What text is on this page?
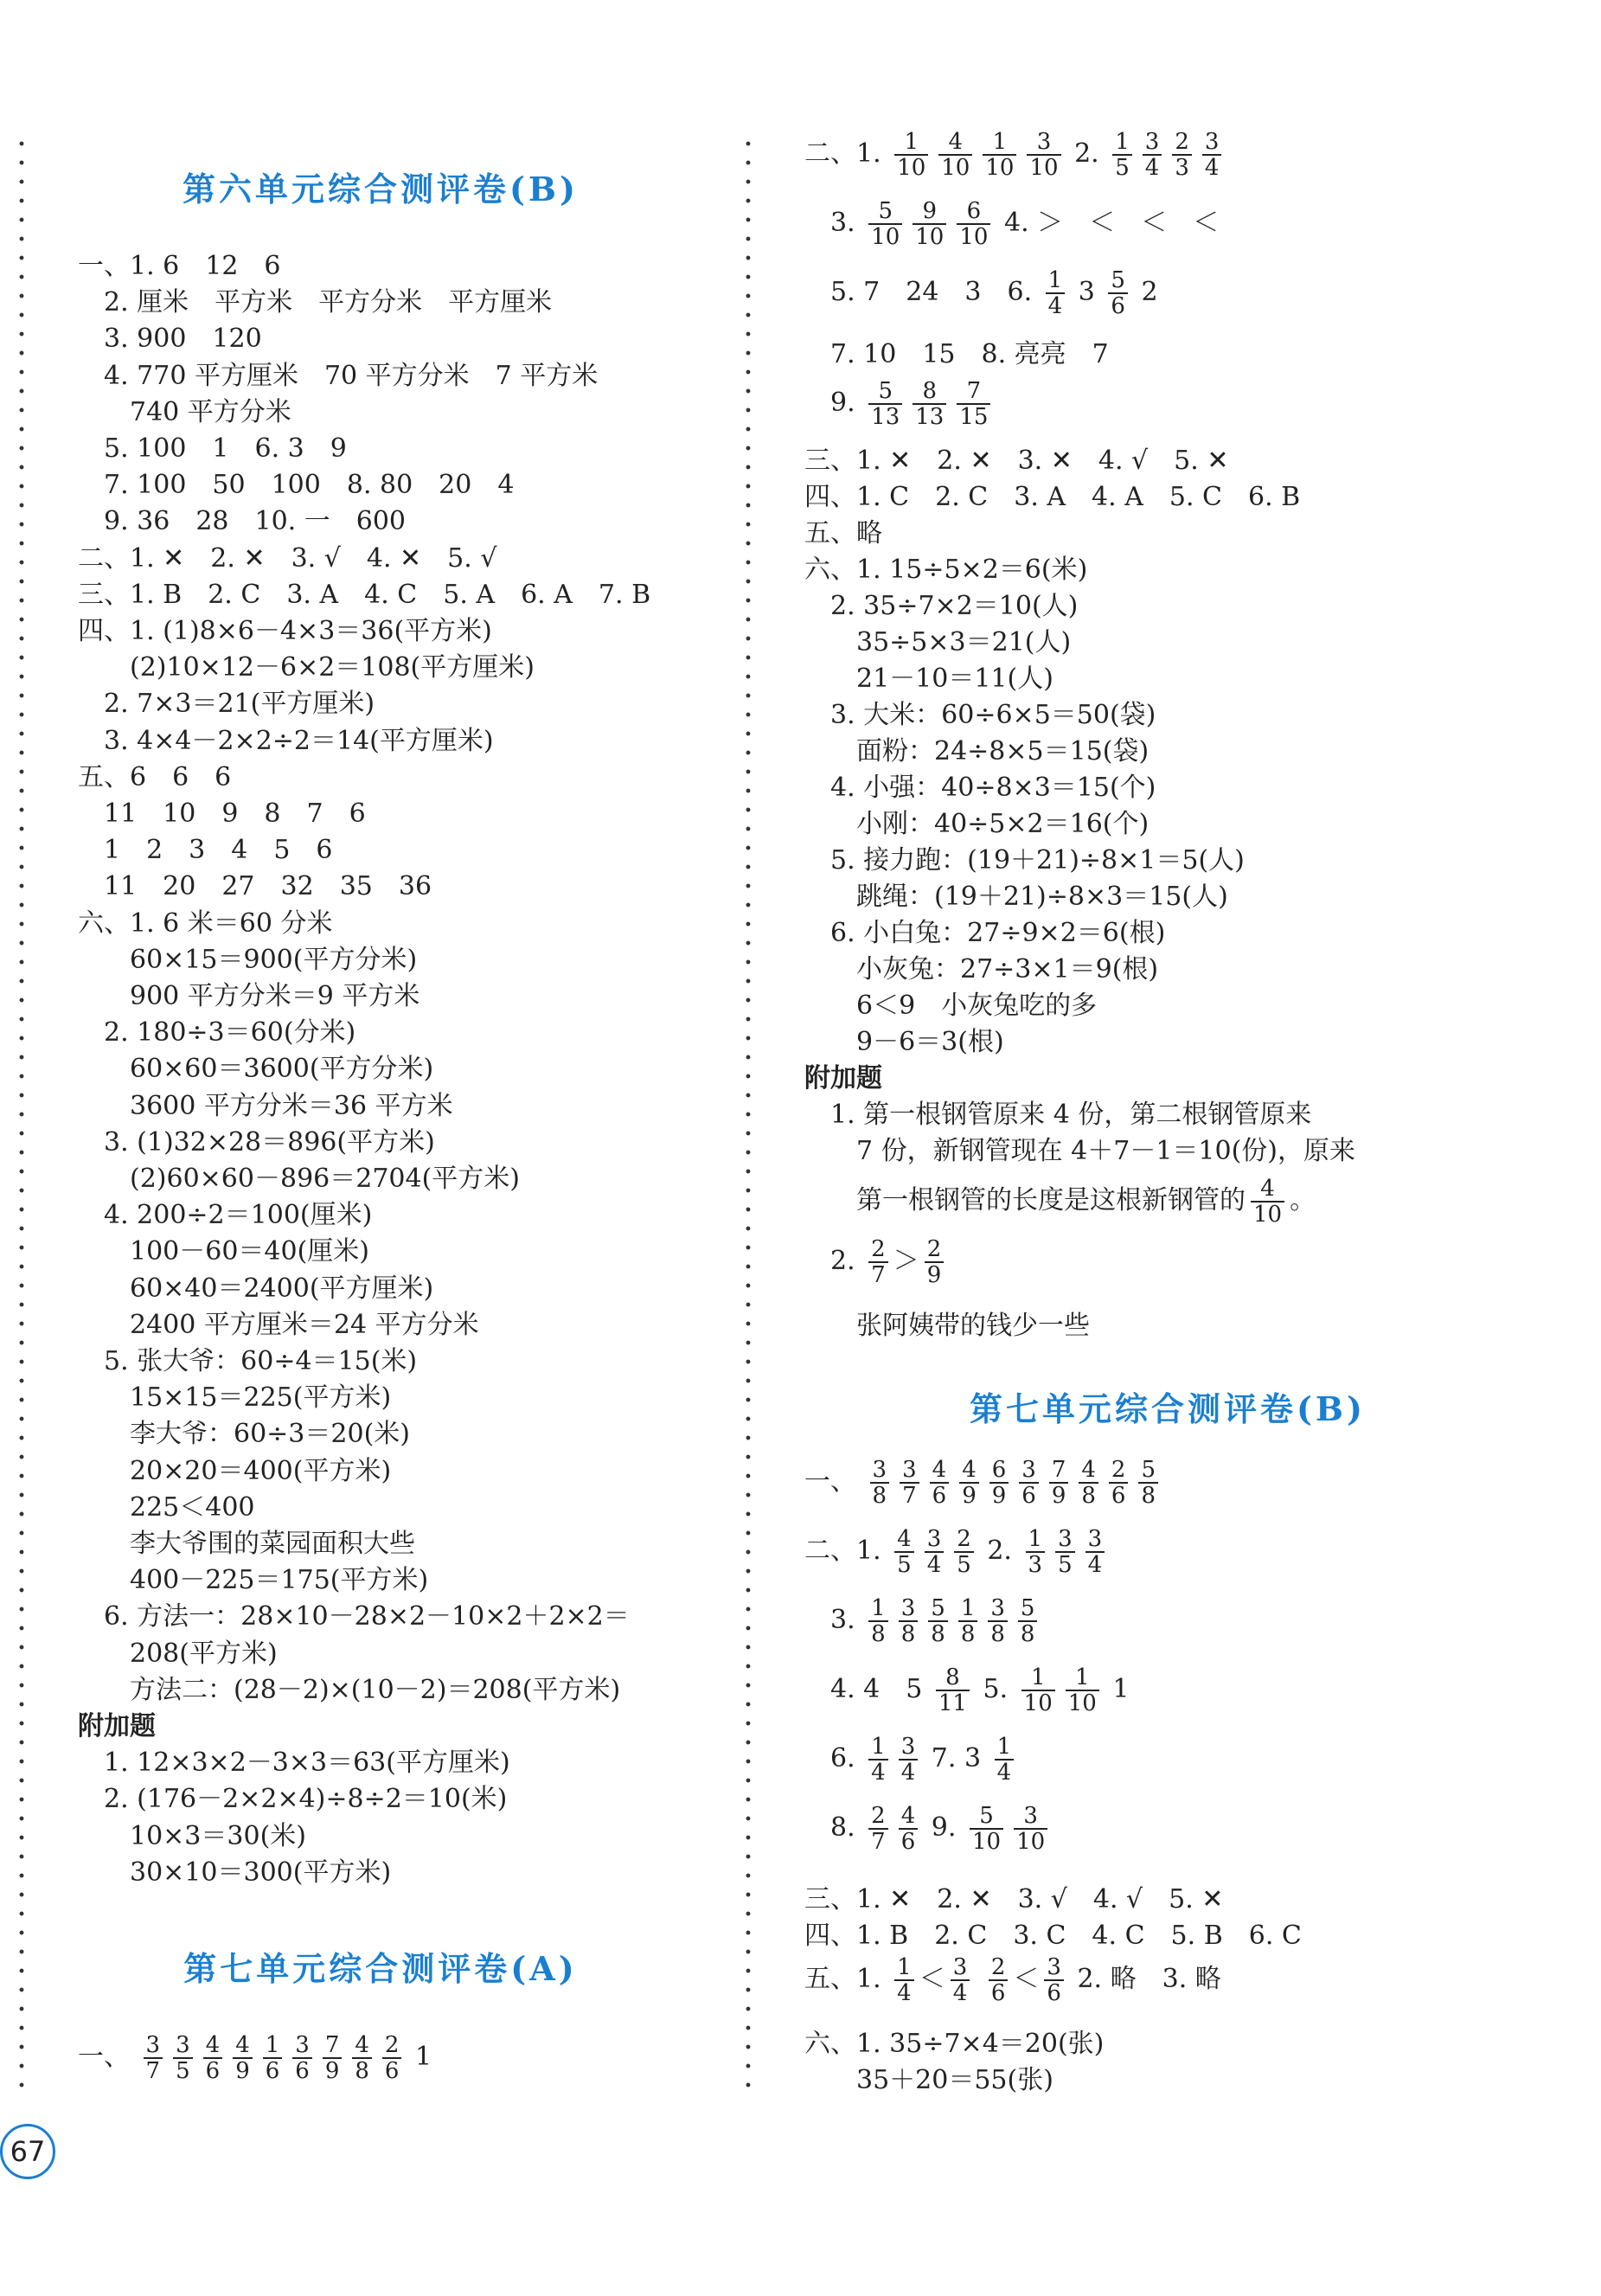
第六单元综合测评卷(B)
一、1. 6　12　6
　2. 厘米　平方米　平方分米　平方厘米
　3. 900　120
　4. 770 平方厘米　70 平方分米　7 平方米
　　740 平方分米
　5. 100　1　6. 3　9
　7. 100　50　100　8. 80　20　4
　9. 36　28　10. 一　600
二、1. ✕　2. ✕　3. √　4. ✕　5. √
三、1. B　2. C　3. A　4. C　5. A　6. A　7. B
四、1. (1)8×6－4×3＝36(平方米)
　　(2)10×12－6×2＝108(平方厘米)
　2. 7×3＝21(平方厘米)
　3. 4×4－2×2÷2＝14(平方厘米)
五、6　6　6
　11　10　9　8　7　6
　1　2　3　4　5　6
　11　20　27　32　35　36
六、1. 6 米＝60 分米
　　60×15＝900(平方分米)
　　900 平方分米＝9 平方米
　2. 180÷3＝60(分米)
　　60×60＝3600(平方分米)
　　3600 平方分米＝36 平方米
　3. (1)32×28＝896(平方米)
　　(2)60×60－896＝2704(平方米)
　4. 200÷2＝100(厘米)
　　100－60＝40(厘米)
　　60×40＝2400(平方厘米)
　　2400 平方厘米＝24 平方分米
　5. 张大爷：60÷4＝15(米)
　　15×15＝225(平方米)
　　李大爷：60÷3＝20(米)
　　20×20＝400(平方米)
　　225＜400
　　李大爷围的菜园面积大些
　　400－225＝175(平方米)
　6. 方法一：28×10－28×2－10×2＋2×2＝
　　208(平方米)
　　方法二：(28－2)×(10－2)＝208(平方米)
附加题
　1. 12×3×2－3×3＝63(平方厘米)
　2. (176－2×2×4)÷8÷2＝10(米)
　　10×3＝30(米)
　　30×10＝300(平方米)
第七单元综合测评卷(A)
一、 $\frac{3}{7} \frac{3}{5} \frac{4}{6} \frac{4}{9} \frac{1}{6} \frac{3}{6} \frac{7}{9} \frac{4}{8} \frac{2}{6} 1$
67
二、1. $\frac{1}{10} \frac{4}{10} \frac{1}{10} \frac{3}{10} 2$. $\frac{1}{5} \frac{3}{4} \frac{2}{3} \frac{3}{4}$
　3. $\frac{5}{10} \frac{9}{10} \frac{6}{10} 4$. ＞　＜　＜　＜
　5. 7　24　3　6. $\frac{1}{4} 3 \frac{5}{6} 2$
　7. 10　15　8. 亮亮　7
　9. $\frac{5}{13} \frac{8}{13} \frac{7}{15}$
三、1. ✕　2. ✕　3. ✕　4. √　5. ✕
四、1. C　2. C　3. A　4. A　5. C　6. B
五、略
六、1. 15÷5×2＝6(米)
　2. 35÷7×2＝10(人)
　　35÷5×3＝21(人)
　　21－10＝11(人)
　3. 大米：60÷6×5＝50(袋)
　　面粉：24÷8×5＝15(袋)
　4. 小强：40÷8×3＝15(个)
　　小刚：40÷5×2＝16(个)
　5. 接力跑：(19＋21)÷8×1＝5(人)
　　跳绳：(19＋21)÷8×3＝15(人)
　6. 小白兔：27÷9×2＝6(根)
　　小灰兔：27÷3×1＝9(根)
　　6＜9　小灰兔吃的多
　　9－6＝3(根)
附加题
　1. 第一根钢管原来 4 份，第二根钢管原来
　　7 份，新钢管现在 4＋7－1＝10(份)，原来
　　第一根钢管的长度是这根新钢管的 $\frac{4}{10}$ 。
　2. $\frac{2}{7} > \frac{2}{9}$
　　张阿姨带的钱少一些
第七单元综合测评卷(B)
一、 $\frac{3}{8} \frac{3}{7} \frac{4}{6} \frac{4}{9} \frac{6}{9} \frac{3}{6} \frac{7}{9} \frac{4}{8} \frac{2}{6} \frac{5}{8}$
二、1. $\frac{4}{5} \frac{3}{4} \frac{2}{5} 2$. $\frac{1}{3} \frac{3}{5} \frac{3}{4}$
　3. $\frac{1}{8} \frac{3}{8} \frac{5}{8} \frac{1}{8} \frac{3}{8} \frac{5}{8}$
　4. 4　$5 \frac{8}{11} 5$. $\frac{1}{10} \frac{1}{10} 1$
　6. $\frac{1}{4} \frac{3}{4} 7$. $3 \frac{1}{4}$
　8. $\frac{2}{7} \frac{4}{6} 9$. $\frac{5}{10} \frac{3}{10}$
三、1. ✕　2. ✕　3. √　4. √　5. ✕
四、1. B　2. C　3. C　4. C　5. B　6. C
五、1. $\frac{1}{4} < \frac{3}{4}$
$\frac{2}{6} < \frac{3}{6} 2$. 略　3. 略
六、1. 35÷7×4＝20(张)
　　35＋20＝55(张)
